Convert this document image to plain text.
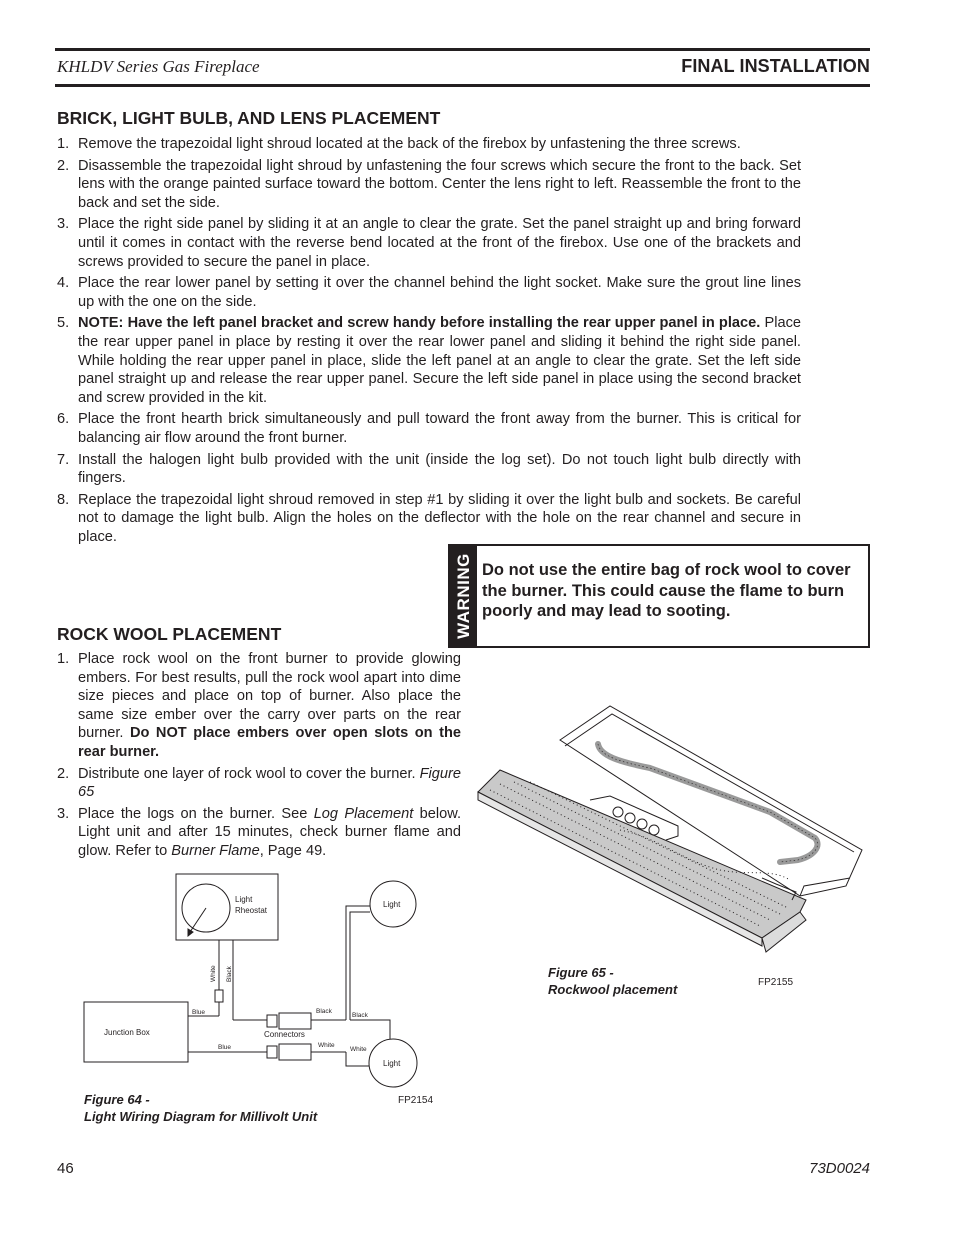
KHLDV Series Gas Fireplace	FINAL INSTALLATION
BRICK, LIGHT BULB, AND LENS PLACEMENT
1. Remove the trapezoidal light shroud located at the back of the firebox by unfastening the three screws.
2. Disassemble the trapezoidal light shroud by unfastening the four screws which secure the front to the back. Set lens with the orange painted surface toward the bottom. Center the lens right to left. Reassemble the front to the back and set the side.
3. Place the right side panel by sliding it at an angle to clear the grate. Set the panel straight up and bring forward until it comes in contact with the reverse bend located at the front of the firebox. Use one of the brackets and screws provided to secure the panel in place.
4. Place the rear lower panel by setting it over the channel behind the light socket. Make sure the grout line lines up with the one on the side.
5. NOTE: Have the left panel bracket and screw handy before installing the rear upper panel in place. Place the rear upper panel in place by resting it over the rear lower panel and sliding it behind the right side panel. While holding the rear upper panel in place, slide the left panel at an angle to clear the grate. Set the left side panel straight up and release the rear upper panel. Secure the left side panel in place using the second bracket and screw provided in the kit.
6. Place the front hearth brick simultaneously and pull toward the front away from the burner. This is critical for balancing air flow around the front burner.
7. Install the halogen light bulb provided with the unit (inside the log set). Do not touch light bulb directly with fingers.
8. Replace the trapezoidal light shroud removed in step #1 by sliding it over the light bulb and sockets. Be careful not to damage the light bulb. Align the holes on the deflector with the hole on the rear channel and secure in place.
WARNING Do not use the entire bag of rock wool to cover the burner. This could cause the flame to burn poorly and may lead to sooting.
ROCK WOOL PLACEMENT
1. Place rock wool on the front burner to provide glowing embers. For best results, pull the rock wool apart into dime size pieces and place on top of burner. Also place the same size ember over the carry over parts on the rear burner. Do NOT place embers over open slots on the rear burner.
2. Distribute one layer of rock wool to cover the burner. Figure 65
3. Place the logs on the burner. See Log Placement below. Light unit and after 15 minutes, check burner flame and glow. Refer to Burner Flame, Page 49.
Light
Rheostat
White Black
Blue
Junction Box
Blue
Connectors
Black
White
Black
White
Light
Light
Figure 64 -
Light Wiring Diagram for Millivolt Unit
FP2154
Figure 65 -
Rockwool placement	FP2155
46	73D0024
